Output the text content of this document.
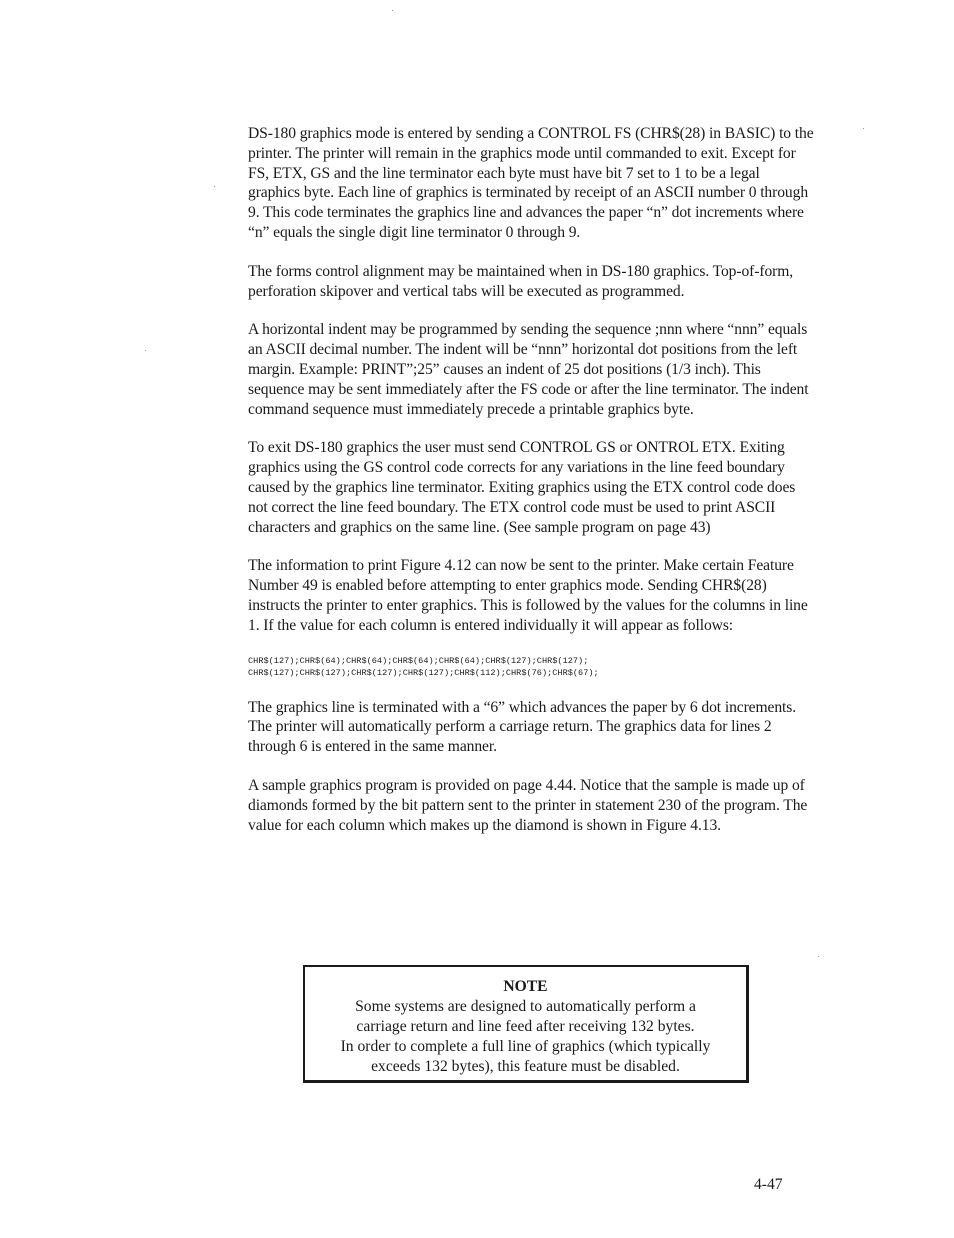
DS-180 graphics mode is entered by sending a CONTROL FS (CHR$(28) in BASIC) to the printer. The printer will remain in the graphics mode until commanded to exit. Except for FS, ETX, GS and the line terminator each byte must have bit 7 set to 1 to be a legal graphics byte. Each line of graphics is terminated by receipt of an ASCII number 0 through 9. This code terminates the graphics line and advances the paper “n” dot increments where “n” equals the single digit line terminator 0 through 9.

The forms control alignment may be maintained when in DS-180 graphics. Top-of-form, perforation skipover and vertical tabs will be executed as programmed.

A horizontal indent may be programmed by sending the sequence ;nnn where “nnn” equals an ASCII decimal number. The indent will be “nnn” horizontal dot positions from the left margin. Example: PRINT”;25” causes an indent of 25 dot positions (1/3 inch). This sequence may be sent immediately after the FS code or after the line terminator. The indent command sequence must immediately precede a printable graphics byte.

To exit DS-180 graphics the user must send CONTROL GS or ONTROL ETX. Exiting graphics using the GS control code corrects for any variations in the line feed boundary caused by the graphics line terminator. Exiting graphics using the ETX control code does not correct the line feed boundary. The ETX control code must be used to print ASCII characters and graphics on the same line. (See sample program on page 43)

The information to print Figure 4.12 can now be sent to the printer. Make certain Feature Number 49 is enabled before attempting to enter graphics mode. Sending CHR$(28) instructs the printer to enter graphics. This is followed by the values for the columns in line 1. If the value for each column is entered individually it will appear as follows:

CHR$(127);CHR$(64);CHR$(64);CHR$(64);CHR$(64);CHR$(127);CHR$(127);
CHR$(127);CHR$(127);CHR$(127);CHR$(127);CHR$(112);CHR$(76);CHR$(67);

The graphics line is terminated with a “6” which advances the paper by 6 dot increments. The printer will automatically perform a carriage return. The graphics data for lines 2 through 6 is entered in the same manner.

A sample graphics program is provided on page 4.44. Notice that the sample is made up of diamonds formed by the bit pattern sent to the printer in statement 230 of the program. The value for each column which makes up the diamond is shown in Figure 4.13.

NOTE
Some systems are designed to automatically perform a
carriage return and line feed after receiving 132 bytes.
In order to complete a full line of graphics (which typically
exceeds 132 bytes), this feature must be disabled.
4-47
